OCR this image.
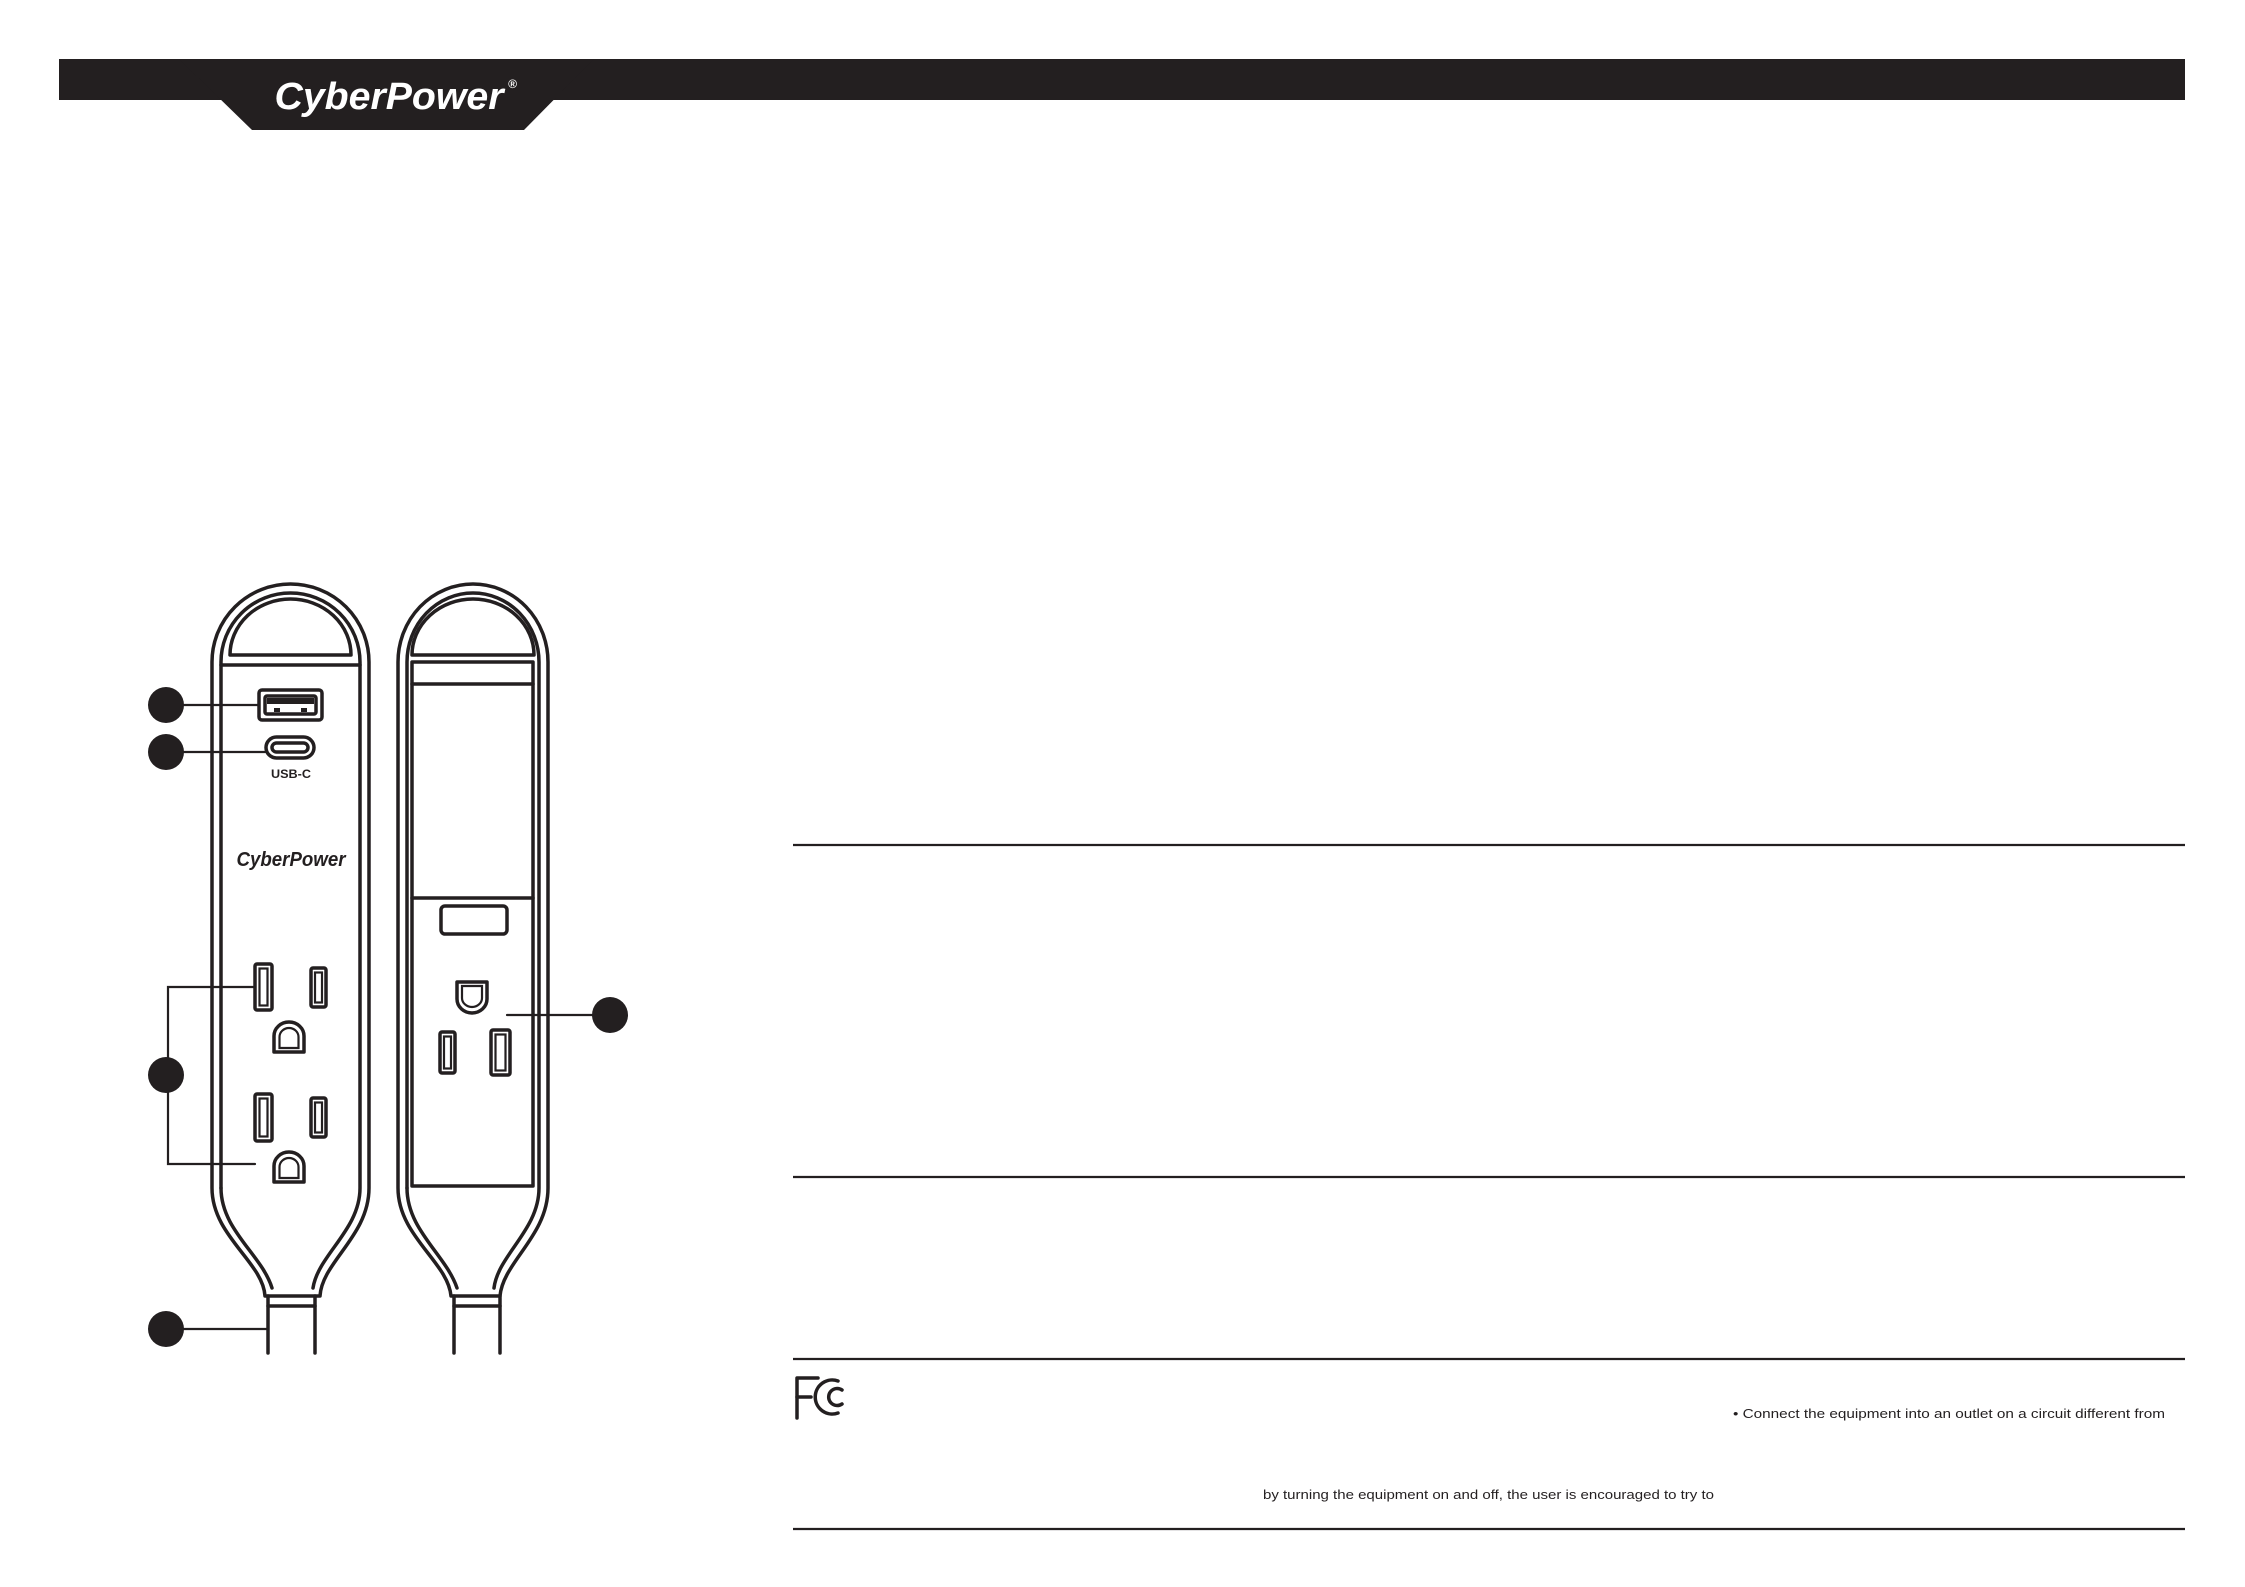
CyberPower ®
USB-C
CyberPower
• Connect the equipment into an outlet on a circuit different from
by turning the equipment on and off, the user is encouraged to try to
